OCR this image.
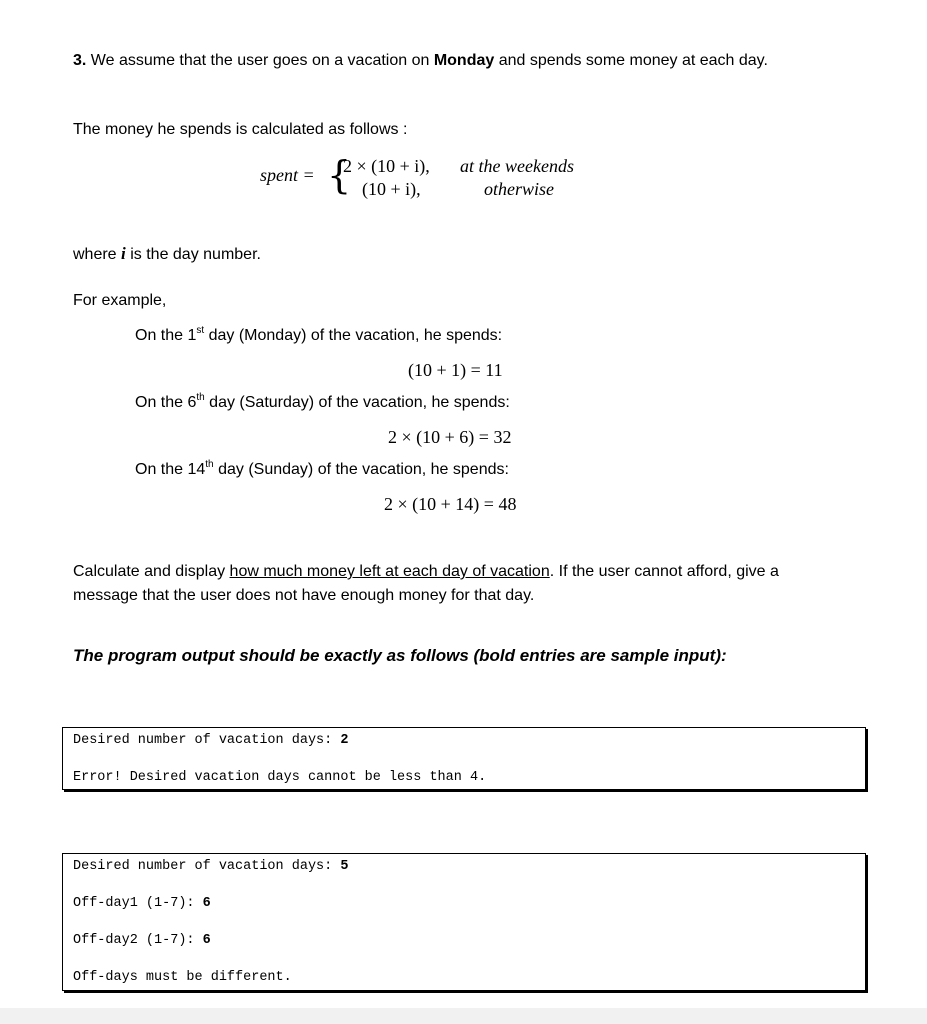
3. We assume that the user goes on a vacation on Monday and spends some money at each day.
The money he spends is calculated as follows :
spent = {
2 × (10 + i), at the weekends
(10 + i),	otherwise
where i is the day number.
For example,
On the 1st day (Monday) of the vacation, he spends:
(10 + 1) = 11
On the 6th day (Saturday) of the vacation, he spends:
2 × (10 + 6) = 32
On the 14th day (Sunday) of the vacation, he spends:
2 × (10 + 14) = 48
Calculate and display how much money left at each day of vacation. If the user cannot afford, give a
message that the user does not have enough money for that day.
The program output should be exactly as follows (bold entries are sample input):
Desired number of vacation days: 2
Error! Desired vacation days cannot be less than 4.
Desired number of vacation days: 5
Off-day1 (1-7): 6
Off-day2 (1-7): 6
Off-days must be different.
